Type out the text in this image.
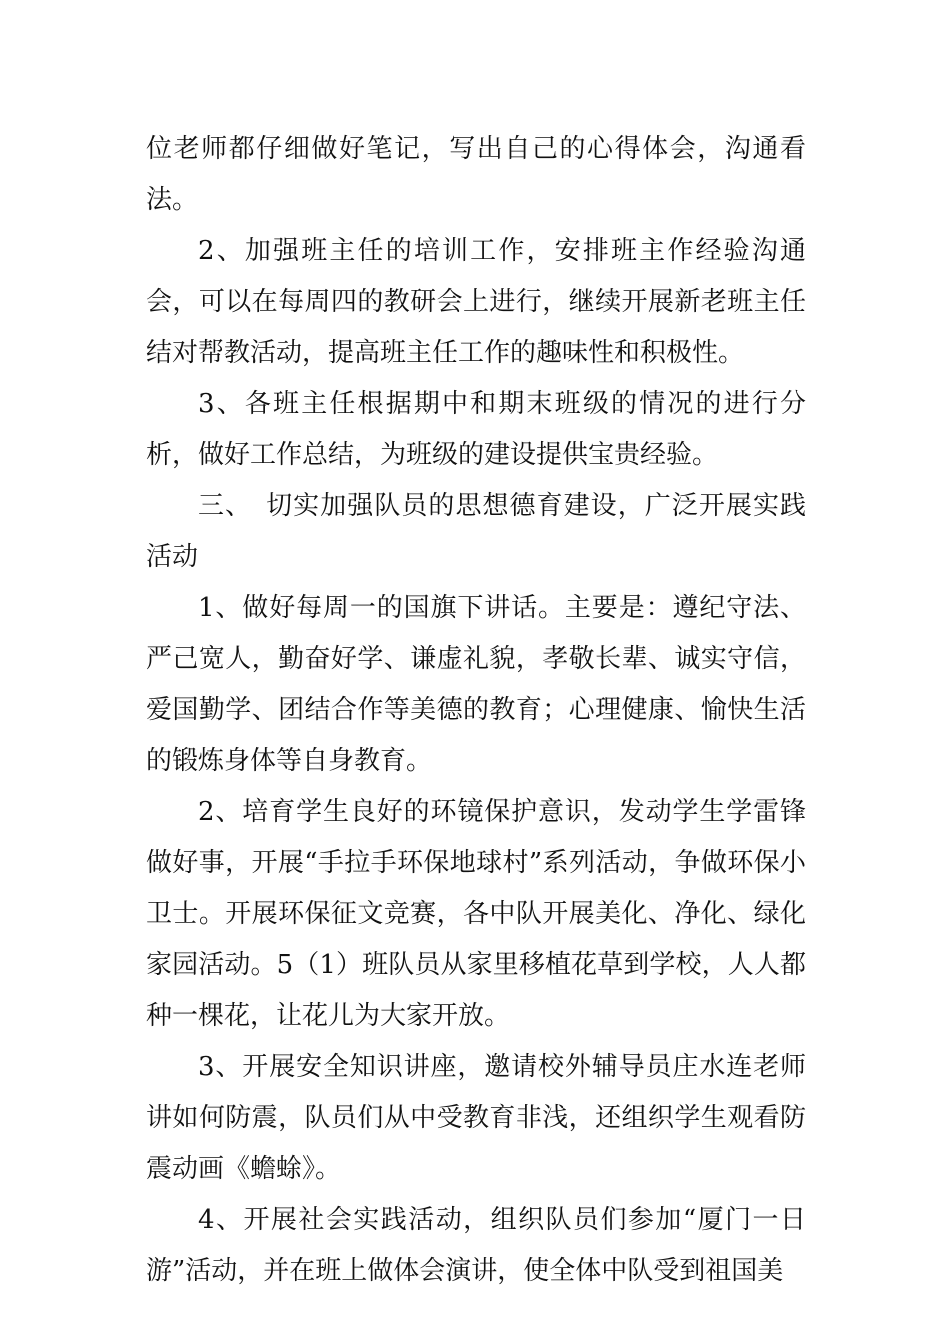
位老师都仔细做好笔记，写出自己的心得体会，沟通看法。

2、加强班主任的培训工作，安排班主作经验沟通会，可以在每周四的教研会上进行，继续开展新老班主任结对帮教活动，提高班主任工作的趣味性和积极性。

3、各班主任根据期中和期末班级的情况的进行分析，做好工作总结，为班级的建设提供宝贵经验。

三、　切实加强队员的思想德育建设，广泛开展实践活动

1、做好每周一的国旗下讲话。主要是：遵纪守法、严己宽人，勤奋好学、谦虚礼貌，孝敬长辈、诚实守信，爱国勤学、团结合作等美德的教育；心理健康、愉快生活的锻炼身体等自身教育。

2、培育学生良好的环镜保护意识，发动学生学雷锋做好事，开展“手拉手环保地球村”系列活动，争做环保小卫士。开展环保征文竞赛，各中队开展美化、净化、绿化家园活动。5（1）班队员从家里移植花草到学校，人人都种一棵花，让花儿为大家开放。

3、开展安全知识讲座，邀请校外辅导员庄水连老师讲如何防震，队员们从中受教育非浅，还组织学生观看防震动画《蟾蜍》。

4、开展社会实践活动，组织队员们参加“厦门一日游”活动，并在班上做体会演讲，使全体中队受到祖国美
